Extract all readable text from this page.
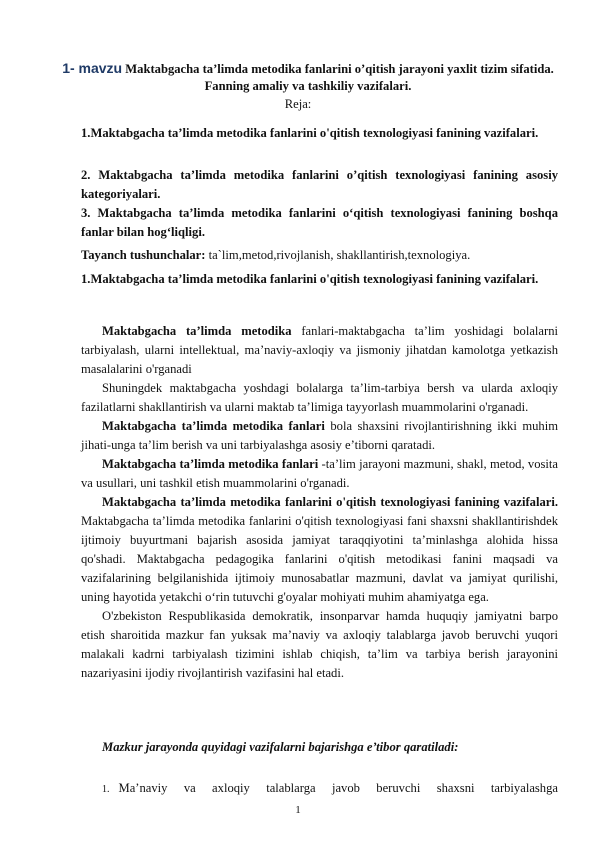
1- mavzu Maktabgacha ta’limda metodika fanlarini o’qitish jarayoni yaxlit tizim sifatida. Fanning amaliy va tashkiliy vazifalari.
Reja:
1.Maktabgacha ta’limda metodika fanlarini o'qitish texnologiyasi fanining vazifalari.
2. Maktabgacha ta’limda metodika fanlarini o’qitish texnologiyasi fanining asosiy kategoriyalari.
3. Maktabgacha ta’limda metodika fanlarini o‘qitish texnologiyasi fanining boshqa fanlar bilan hog‘liqligi.
Tayanch tushunchalar: ta`lim,metod,rivojlanish, shakllantirish,texnologiya.
1.Maktabgacha ta’limda metodika fanlarini o'qitish texnologiyasi fanining vazifalari.

Maktabgacha ta’limda metodika fanlari-maktabgacha ta’lim yoshidagi bolalarni tarbiyalash, ularni intellektual, ma’naviy-axloqiy va jismoniy jihatdan kamolotga yetkazish masalalarini o'rganadi

Shuningdek maktabgacha yoshdagi bolalarga ta’lim-tarbiya bersh va ularda axloqiy fazilatlarni shakllantirish va ularni maktab ta’limiga tayyorlash muammolarini o'rganadi.

Maktabgacha ta’limda metodika fanlari bola shaxsini rivojlantirishning ikki muhim jihati-unga ta’lim berish va uni tarbiyalashga asosiy e’tiborni qaratadi.

Maktabgacha ta’limda metodika fanlari -ta’lim jarayoni mazmuni, shakl, metod, vosita va usullari, uni tashkil etish muammolarini o'rganadi.

Maktabgacha ta’limda metodika fanlarini o'qitish texnologiyasi fanining vazifalari. Maktabgacha ta’limda metodika fanlarini o'qitish texnologiyasi fani shaxsni shakllantirishdek ijtimoiy buyurtmani bajarish asosida jamiyat taraqqiyotini ta’minlashga alohida hissa qo'shadi. Maktabgacha pedagogika fanlarini o'qitish metodikasi fanini maqsadi va vazifalarining belgilanishida ijtimoiy munosabatlar mazmuni, davlat va jamiyat qurilishi, uning hayotida yetakchi o‘rin tutuvchi g'oyalar mohiyati muhim ahamiyatga ega.

O'zbekiston Respublikasida demokratik, insonparvar hamda huquqiy jamiyatni barpo etish sharoitida mazkur fan yuksak ma’naviy va axloqiy talablarga javob beruvchi yuqori malakali kadrni tarbiyalash tizimini ishlab chiqish, ta’lim va tarbiya berish jarayonini nazariyasini ijodiy rivojlantirish vazifasini hal etadi.

Mazkur jarayonda quyidagi vazifalarni bajarishga e’tibor qaratiladi:
1. Ma’naviy va axloqiy talablarga javob beruvchi shaxsni tarbiyalashga
1
